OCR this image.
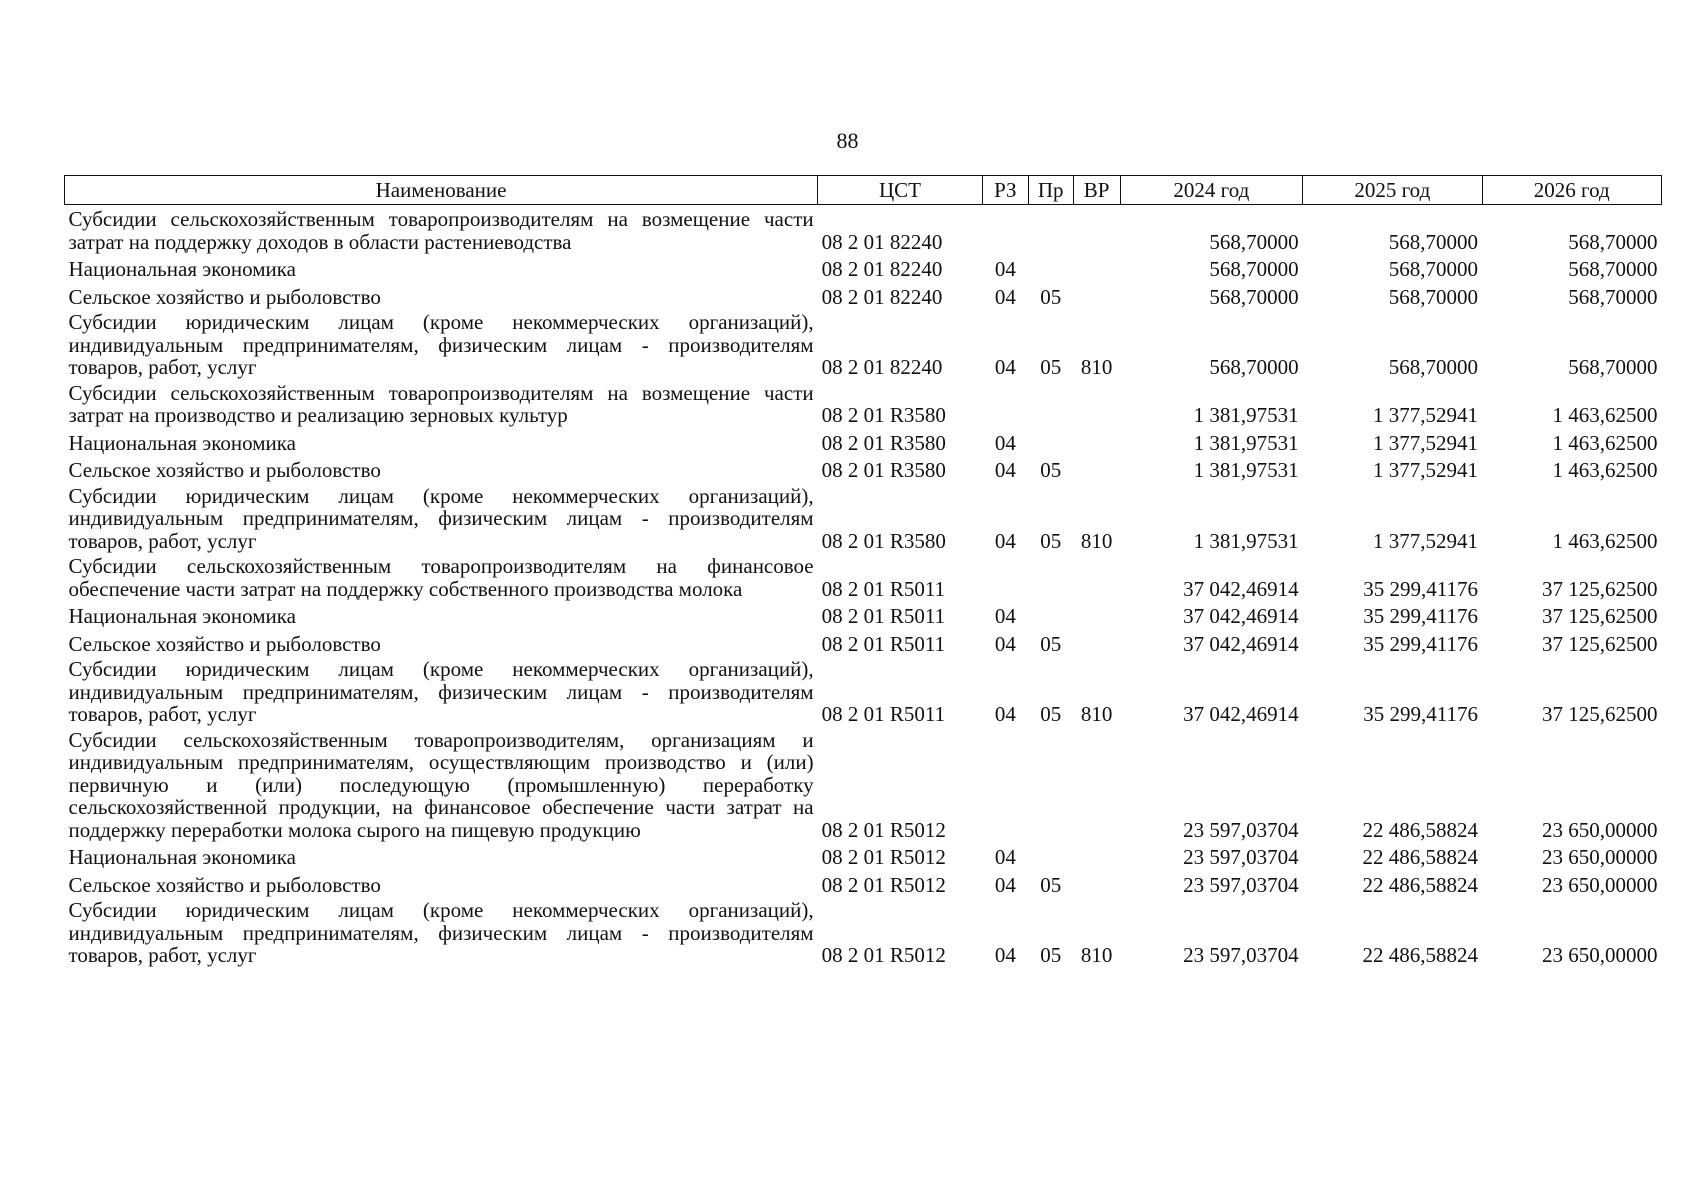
88
Наименование	ЦСТ	РЗ	Пр	ВР	2024 год	2025 год	2026 год

Субсидии сельскохозяйственным товаропроизводителям на возмещение части затрат на поддержку доходов в области растениеводства	08 2 01 82240				568,70000	568,70000	568,70000

Национальная экономика	08 2 01 82240	04			568,70000	568,70000	568,70000

Сельское хозяйство и рыболовство	08 2 01 82240	04	05		568,70000	568,70000	568,70000

Субсидии юридическим лицам (кроме некоммерческих организаций), индивидуальным предпринимателям, физическим лицам - производителям товаров, работ, услуг	08 2 01 82240	04	05	810	568,70000	568,70000	568,70000

Субсидии сельскохозяйственным товаропроизводителям на возмещение части затрат на производство и реализацию зерновых культур	08 2 01 R3580				1 381,97531	1 377,52941	1 463,62500

Национальная экономика	08 2 01 R3580	04			1 381,97531	1 377,52941	1 463,62500

Сельское хозяйство и рыболовство	08 2 01 R3580	04	05		1 381,97531	1 377,52941	1 463,62500

Субсидии юридическим лицам (кроме некоммерческих организаций), индивидуальным предпринимателям, физическим лицам - производителям товаров, работ, услуг	08 2 01 R3580	04	05	810	1 381,97531	1 377,52941	1 463,62500

Субсидии сельскохозяйственным товаропроизводителям на финансовое обеспечение части затрат на поддержку собственного производства молока	08 2 01 R5011				37 042,46914	35 299,41176	37 125,62500

Национальная экономика	08 2 01 R5011	04			37 042,46914	35 299,41176	37 125,62500

Сельское хозяйство и рыболовство	08 2 01 R5011	04	05		37 042,46914	35 299,41176	37 125,62500

Субсидии юридическим лицам (кроме некоммерческих организаций), индивидуальным предпринимателям, физическим лицам - производителям товаров, работ, услуг	08 2 01 R5011	04	05	810	37 042,46914	35 299,41176	37 125,62500

Субсидии сельскохозяйственным товаропроизводителям, организациям и индивидуальным предпринимателям, осуществляющим производство и (или) первичную и (или) последующую (промышленную) переработку сельскохозяйственной продукции, на финансовое обеспечение части затрат на поддержку переработки молока сырого на пищевую продукцию	08 2 01 R5012				23 597,03704	22 486,58824	23 650,00000

Национальная экономика	08 2 01 R5012	04			23 597,03704	22 486,58824	23 650,00000

Сельское хозяйство и рыболовство	08 2 01 R5012	04	05		23 597,03704	22 486,58824	23 650,00000

Субсидии юридическим лицам (кроме некоммерческих организаций), индивидуальным предпринимателям, физическим лицам - производителям товаров, работ, услуг	08 2 01 R5012	04	05	810	23 597,03704	22 486,58824	23 650,00000
